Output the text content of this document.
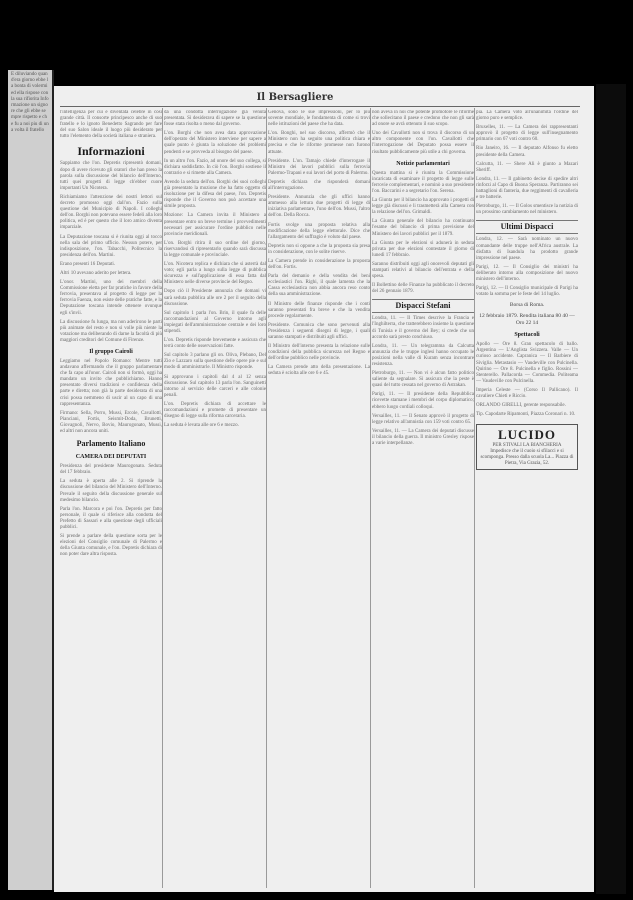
E diluviando quand'era giorno ebbe la bonta di volermi ed ella rispose con la sua rifiorita Informazione un signore che gli ebbe sempre rispetto e che fu a noi piu di una volta il fratello
Il Bersagliere
l'intelligenza per cui è diventata celebre in cosi grande città. Il consorte principesco anche di suo fratello e lo ignoto Benedetto Sagrando per fare del suo Salon ideale il luogo più desiderato per tutto l'elemento della società italiana e straniera.
Informazioni
Sappiamo che l'on. Depretis ripresentò domani, dopo di avere ricevuto gli oratori che han preso la parola sulla discussione del bilancio dell'Interno, tutti quei progetti di legge ch'ebber cuore importanti Un Nicotera.
Richiamiamo l'attenzione dei nostri lettori sul decreto promosso oggi dall'on. Fazio sulla questione del Municipio di Napoli. I colleghi dell'on. Borghi non potevano essere fedeli alla loro politica, ed è per questo che il loro amico diventa imparziale.
La Deputazione toscana si è riunita oggi al tocco nella sala del primo ufficio. Nessun potere, per indisposizione, l'on. Tabacchi, Politecnico la presidenza dell'on. Martini.
Erano presenti 16 Deputati.
Altri 10 avevano aderito per lettera.
L'onor. Martini, uno dei membri della Commissione eletta per far pratiche in favore della ferrovia, presentava al progetto di legge per la ferrovia Faenza, non esiste delle pratiche fatte, e la Deputazione toscana intende ottenere ovunque egli s'invii.
La discussione fu lunga, ma non aderirono le parti più animate del resto e non si volle più niente la votazione ma deliberando di darne la facoltà di più maggiori creditori del Comune di Firenze.
Il gruppo Cairoli
Leggiamo nel Popolo Romano: Mentre tutti andavano affermando che il gruppo parlamentare che fa capo all'onor. Cairoli non si formò, oggi ha mandato un invito che pubblichiamo. Hanno presentato diversi tradizioni e confidenza della parte e diretta; non già la parte desiderata di una crisi possa nemmeno di uscir al un capo di una rappresentanza.
Firmano: Sella, Porro, Mussi, Ercole, Cavallotti, Pianciani, Fortis, Seismit-Doda, Brunetti, Giovagnoli, Nervo, Bovio, Maurogonato, Mussi, ed altri non ancora uniti.
Parlamento Italiano
CAMERA DEI DEPUTATI
Presidenza del presidente Maurogonato. Seduta del 17 febbraio.
La seduta è aperta alle 2. Si riprende la discussione del bilancio del Ministero dell'Interno. Prevale il seguito della discussione generale sul medesimo bilancio.
Parla l'on. Marcora e poi l'on. Depretis per fatto personale, il quale si riferisce alla condotta del Prefetto di Sassari e alla questione degli ufficiali pubblici.
Si prende a parlare della questione sorta per le elezioni del Consiglio comunale di Palermo e della Giunta comunale, e l'on. Depretis dichiara di non poter dare altra risposta.
da una condotta interrogazione già venuta presentata. Si desiderava di sapere se la questione fosse stata risolta o meno dal governo.
L'on. Borghi che non avea data approvazione dell'operato del Ministero interviene per sapere a quale punto è giunta la soluzione dei problemi pendenti e se provveda al bisogno del paese.
In un altro l'on. Fazio, ad onore del suo collega, si dichiara soddisfatto. In ciò l'on. Borghi sostiene il contrario e si rimette alla Camera.
Avendo la seduta dell'on. Borghi dei suoi colleghi già presentato la mozione che ha fatto oggetto di risoluzione per la difesa del paese, l'on. Depretis risponde che il Governo non può accettare una simile proposta.
Mozione: La Camera invita il Ministero a presentare entro un breve termine i provvedimenti necessari per assicurare l'ordine pubblico nelle provincie meridionali.
L'on. Borghi ritira il suo ordine del giorno, riservandosi di ripresentarlo quando sarà discussa la legge comunale e provinciale.
L'on. Nicotera replica e dichiara che si asterrà dal voto; egli parla a lungo sulla legge di pubblica sicurezza e sull'applicazione di essa fatta dal Ministero nelle diverse provincie del Regno.
Dopo ciò il Presidente annunzia che domani vi sarà seduta pubblica alle ore 2 per il seguito della discussione.
Sul capitolo 1 parla l'on. Brin, il quale fa delle raccomandazioni al Governo intorno agli impiegati dell'amministrazione centrale e dei loro stipendi.
L'on. Depretis risponde brevemente e assicura che terrà conto delle osservazioni fatte.
Sul capitolo 3 parlano gli on. Oliva, Plebano, Del Zio e Lazzaro sulla questione delle opere pie e sul modo di amministrarle. Il Ministro risponde.
Si approvano i capitoli dal 4 al 12 senza discussione. Sul capitolo 13 parla l'on. Sanguinetti intorno al servizio delle carceri e alle colonie penali.
L'on. Depretis dichiara di accettare le raccomandazioni e promette di presentare un disegno di legge sulla riforma carceraria.
La seduta è levata alle ore 6 e mezzo.
Genova, sono le sue impressioni, per lo più sovente mondiale, le fondamenta di come si trovi nelle istituzioni del paese che ha data.
L'on. Bonghi, nel suo discorso, affermò che il Ministero non ha seguito una politica chiara e precisa e che le riforme promesse non furono attuate.
Presidente. L'on. Tamajo chiede d'interrogare il Ministro dei lavori pubblici sulla ferrovia Palermo-Trapani e sui lavori del porto di Palermo.
Depretis dichiara che risponderà domani all'interrogazione.
Presidente. Annunzia che gli uffici hanno ammesso alla lettura due progetti di legge di iniziativa parlamentare, l'uno dell'on. Mussi, l'altro dell'on. Della Rocca.
Fortis svolge una proposta relativa alla modificazione della legge elettorale. Dice che l'allargamento del suffragio è voluto dal paese.
Depretis non si oppone a che la proposta sia presa in considerazione, con le solite riserve.
La Camera prende in considerazione la proposta dell'on. Fortis.
Parla del demanio e della vendita dei beni ecclesiastici l'on. Righi, il quale lamenta che la Cassa ecclesiastica non abbia ancora reso conto della sua amministrazione.
Il Ministro delle finanze risponde che i conti saranno presentati fra breve e che la vendita procede regolarmente.
Presidente. Comunica che sono pervenuti alla Presidenza i seguenti disegni di legge, i quali saranno stampati e distribuiti agli uffici.
Il Ministro dell'interno presenta la relazione sulle condizioni della pubblica sicurezza nel Regno e dell'ordine pubblico nelle provincie.
La Camera prende atto della presentazione. La seduta è sciolta alle ore 6 e 45.
non aveva in noi che potente promotore le riforme che sollecitano il paese e credono che non gli sarà ad onore se avrà ottenuto il suo scopo.
Uno dei Cavallotti non si trova il discorso di un altro componente con l'on. Cavallotti che l'interrogazione del Deputato possa essere il risultato pubblicamente più utile a chi governa.
Notizie parlamentari
Questa mattina si è riunita la Commissione incaricata di esaminare il progetto di legge sulle ferrovie complementari, e nominò a suo presidente l'on. Baccarini e a segretario l'on. Serena.
La Giunta per il bilancio ha approvato i progetti di legge già discussi e li trasmetterà alla Camera con la relazione dell'on. Grimaldi.
La Giunta generale del bilancio ha continuato l'esame del bilancio di prima previsione del Ministero dei lavori pubblici per il 1879.
La Giunta per le elezioni si adunerà in seduta privata per due elezioni contestate il giorno di lunedì 17 febbraio.
Saranno distribuiti oggi agli onorevoli deputati gli stampati relativi al bilancio dell'entrata e della spesa.
Il Bollettino delle Finanze ha pubblicato il decreto del 26 gennaio 1879.
Dispacci Stefani
Londra, 11. — Il Times descrive la Francia e l'Inghilterra, che tratterebbero insieme la questione di Tunisia e il governo del Bey; si crede che un accordo sarà presto conchiuso.
Londra, 11. — Un telegramma da Calcutta annunzia che le truppe inglesi hanno occupato le posizioni nella valle di Kuram senza incontrare resistenza.
Pietroburgo, 11. — Non vi è alcun fatto politico saliente da segnalare. Si assicura che la peste è quasi del tutto cessata nel governo di Astrakan.
Parigi, 11. — Il presidente della Repubblica ricevette stamane i membri del corpo diplomatico; ebbero luogo cordiali colloqui.
Versailles, 11. — Il Senato approvò il progetto di legge relativo all'amnistia con 159 voti contro 65.
Versailles, 11. — La Camera dei deputati discusse il bilancio della guerra. Il ministro Gresley rispose a varie interpellanze.
pia. La Camera votò all'unanimità l'ordine del giorno puro e semplice.
Bruxelles, 11. — La Camera dei rappresentanti approvò il progetto di legge sull'insegnamento primario con 67 voti contro 60.
Rio Janeiro, 16. — Il deputato Alfonso fu eletto presidente della Camera.
Calcutta, 11. — Shere Ali è giunto a Mazari Sheriff.
Londra, 11. — Il gabinetto decise di spedire altri rinforzi al Capo di Buona Speranza. Partiranno sei battaglioni di fanteria, due reggimenti di cavalleria e tre batterie.
Pietroburgo, 11. — Il Golos smentisce la notizia di un prossimo cambiamento nel ministero.
Ultimi Dispacci
Londra, 12. — Sarà nominato un nuovo comandante delle truppe nell'Africa australe. La disfatta di Isandula ha prodotto grande impressione nel paese.
Parigi, 12. — Il Consiglio dei ministri ha deliberato intorno alla composizione del nuovo ministero dell'interno.
Parigi, 12. — Il Consiglio municipale di Parigi ha votato la somma per le feste del 14 luglio.
Borsa di Roma.
12 febbraio 1879. Rendita italiana 80 40 — Oro 22 14
Spettacoli
Apollo — Ore 8. Gran spettacolo di ballo. Argentina — L'Anglista Svizzera. Valle — Un curioso accidente. Capranica — Il Barbiere di Siviglia. Metastasio — Vaudeville con Pulcinella. Quirino — Ore 8. Pulcinella e figlio. Rossini — Stenterello. Pallacorda — Commedia. Politeama — Vaudeville con Pulcinella.
Imperia Celeste — (Corso Il Pallicano). Il cavaliere Chieti e Riccio.
ORLANDO GIRELLI, gerente responsabile.
Tip. Capodarte Ripamonti, Piazza Coronari n. 10.
LUCIDO
PER STIVALI LA BIANCHERIA
Impedisce che il cuoio si sfilacci e si scomponga. Presso dalla scuola La... Piazza di Pietra, Via Grazia, 52.
